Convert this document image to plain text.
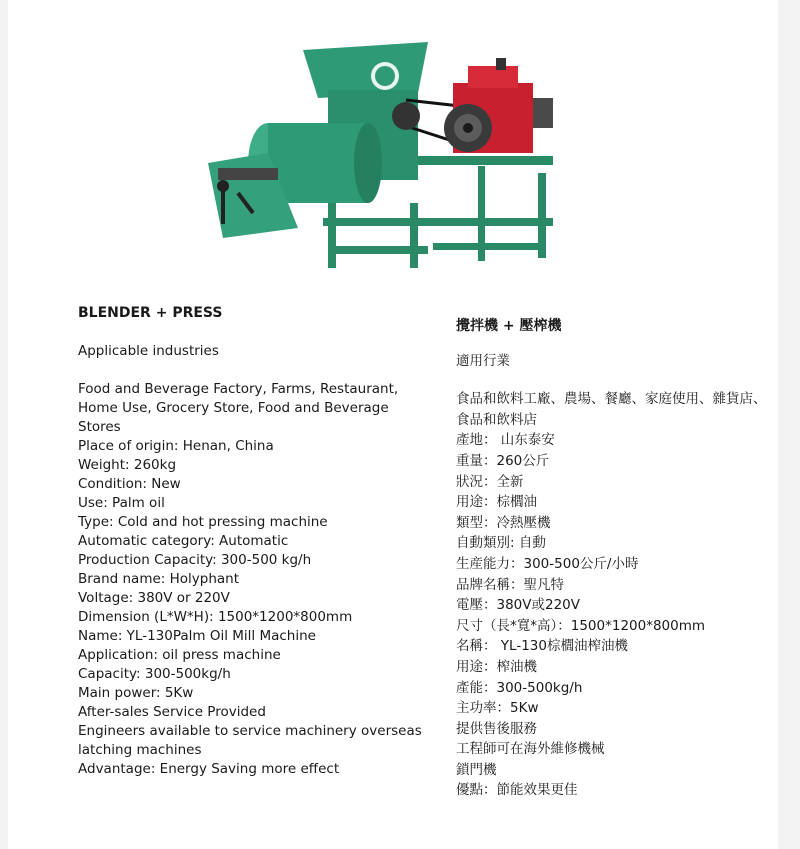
BLENDER + PRESS
Applicable industries
Food and Beverage Factory, Farms, Restaurant, Home Use, Grocery Store, Food and Beverage Stores
Place of origin: Henan, China
Weight: 260kg
Condition: New
Use: Palm oil
Type: Cold and hot pressing machine
Automatic category: Automatic
Production Capacity: 300-500 kg/h
Brand name: Holyphant
Voltage: 380V or 220V
Dimension (L*W*H): 1500*1200*800mm
Name: YL-130Palm Oil Mill Machine
Application: oil press machine
Capacity: 300-500kg/h
Main power: 5Kw
After-sales Service Provided
Engineers available to service machinery overseas
latching machines
Advantage: Energy Saving more effect
攪拌機 + 壓榨機
適用行業
食品和飲料工廠、農場、餐廳、家庭使用、雜貨店、食品和飲料店
產地： 山东泰安
重量：260公斤
狀況：全新
用途：棕櫚油
類型：冷熱壓機
自動類別: 自動
生産能力：300-500公斤/小時
品牌名稱：聖凡特
電壓：380V或220V
尺寸（長*寬*高）：1500*1200*800mm
名稱： YL-130棕櫚油榨油機
用途：榨油機
產能：300-500kg/h
主功率：5Kw
提供售後服務
工程師可在海外維修機械
鎖門機
優點：節能效果更佳
